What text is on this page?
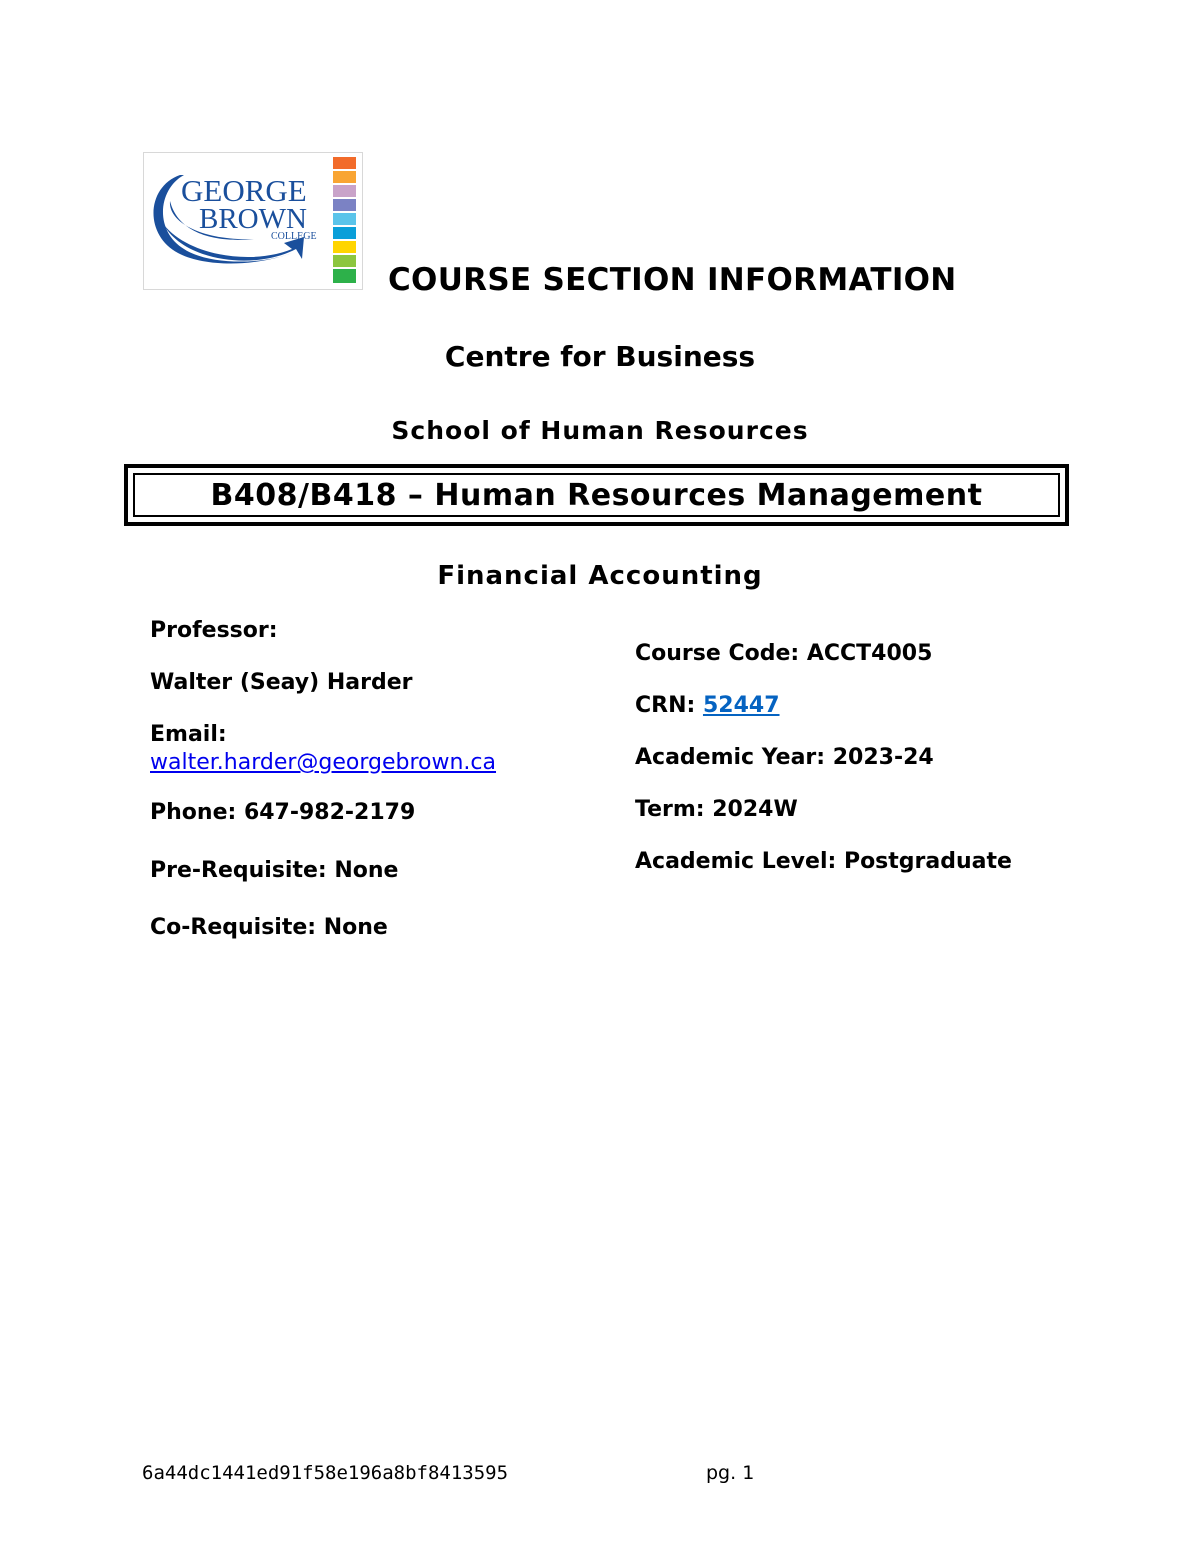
GEORGE
BROWN
COLLEGE
COURSE SECTION INFORMATION
Centre for Business
School of Human Resources
B408/B418 – Human Resources Management
Financial Accounting
Professor:
Walter (Seay) Harder
Email:
walter.harder@georgebrown.ca
Phone: 647-982-2179
Pre-Requisite: None
Co-Requisite: None
Course Code: ACCT4005
CRN: 52447
Academic Year: 2023-24
Term: 2024W
Academic Level: Postgraduate
6a44dc1441ed91f58e196a8bf8413595	pg. 1
